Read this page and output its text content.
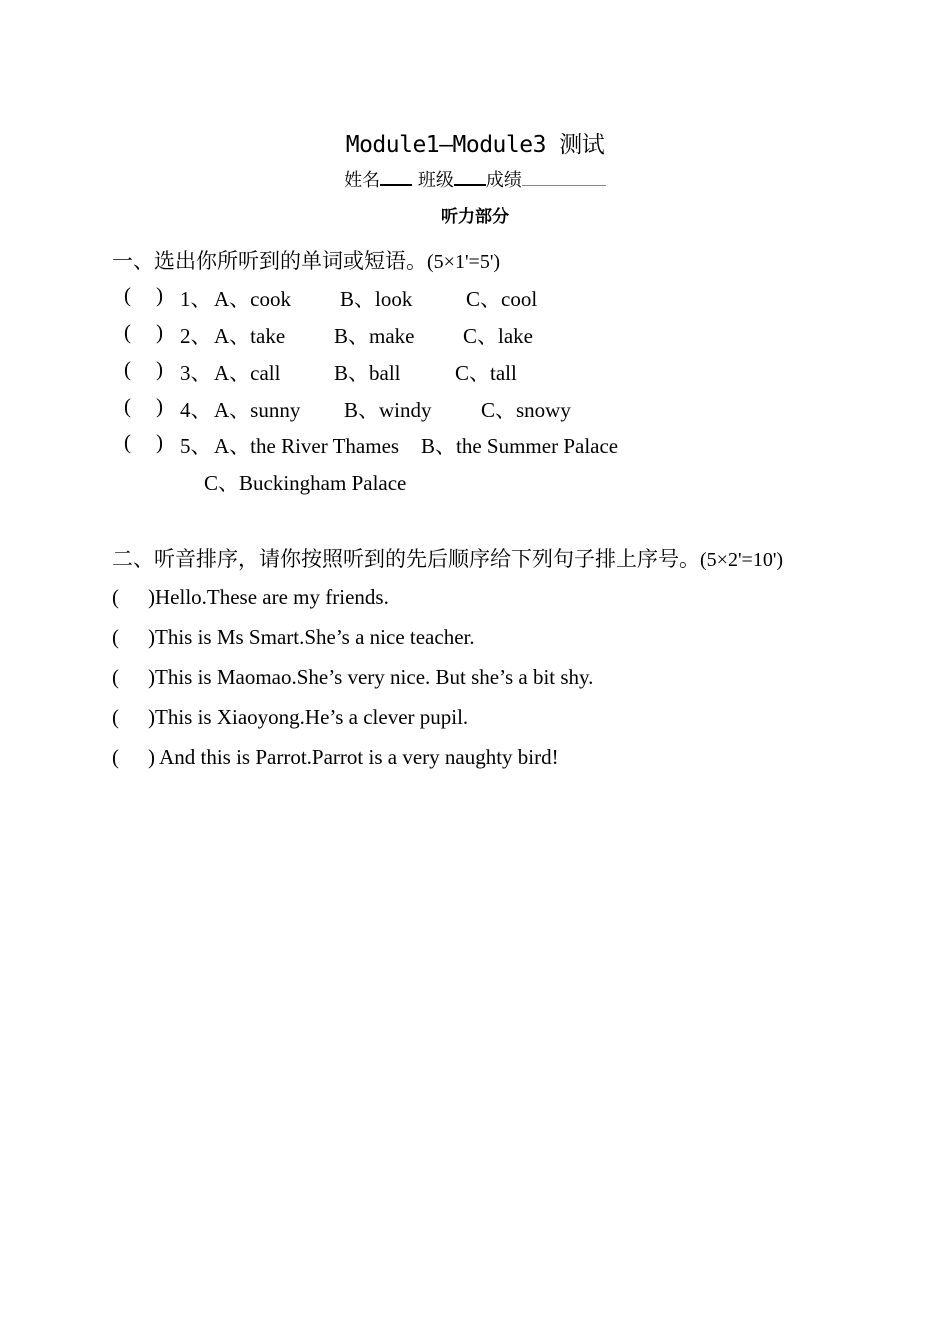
Module1—Module3 测试
姓名 班级 成绩
听力部分
一、选出你所听到的单词或短语。(5×1'=5')
( ) 1、 A、cook B、look	C、cool
( ) 2、 A、take B、make C、lake
( ) 3、 A、call	B、ball	C、tall
( ) 4、 A、sunny B、windy C、snowy
( ) 5、 A、the River Thames B、the Summer Palace
C、Buckingham Palace
二、听音排序，请你按照听到的先后顺序给下列句子排上序号。(5×2'=10')
( )Hello.These are my friends.
( )This is Ms Smart.She’s a nice teacher.
( )This is Maomao.She’s very nice. But she’s a bit shy.
( )This is Xiaoyong.He’s a clever pupil.
( ) And this is Parrot.Parrot is a very naughty bird!
